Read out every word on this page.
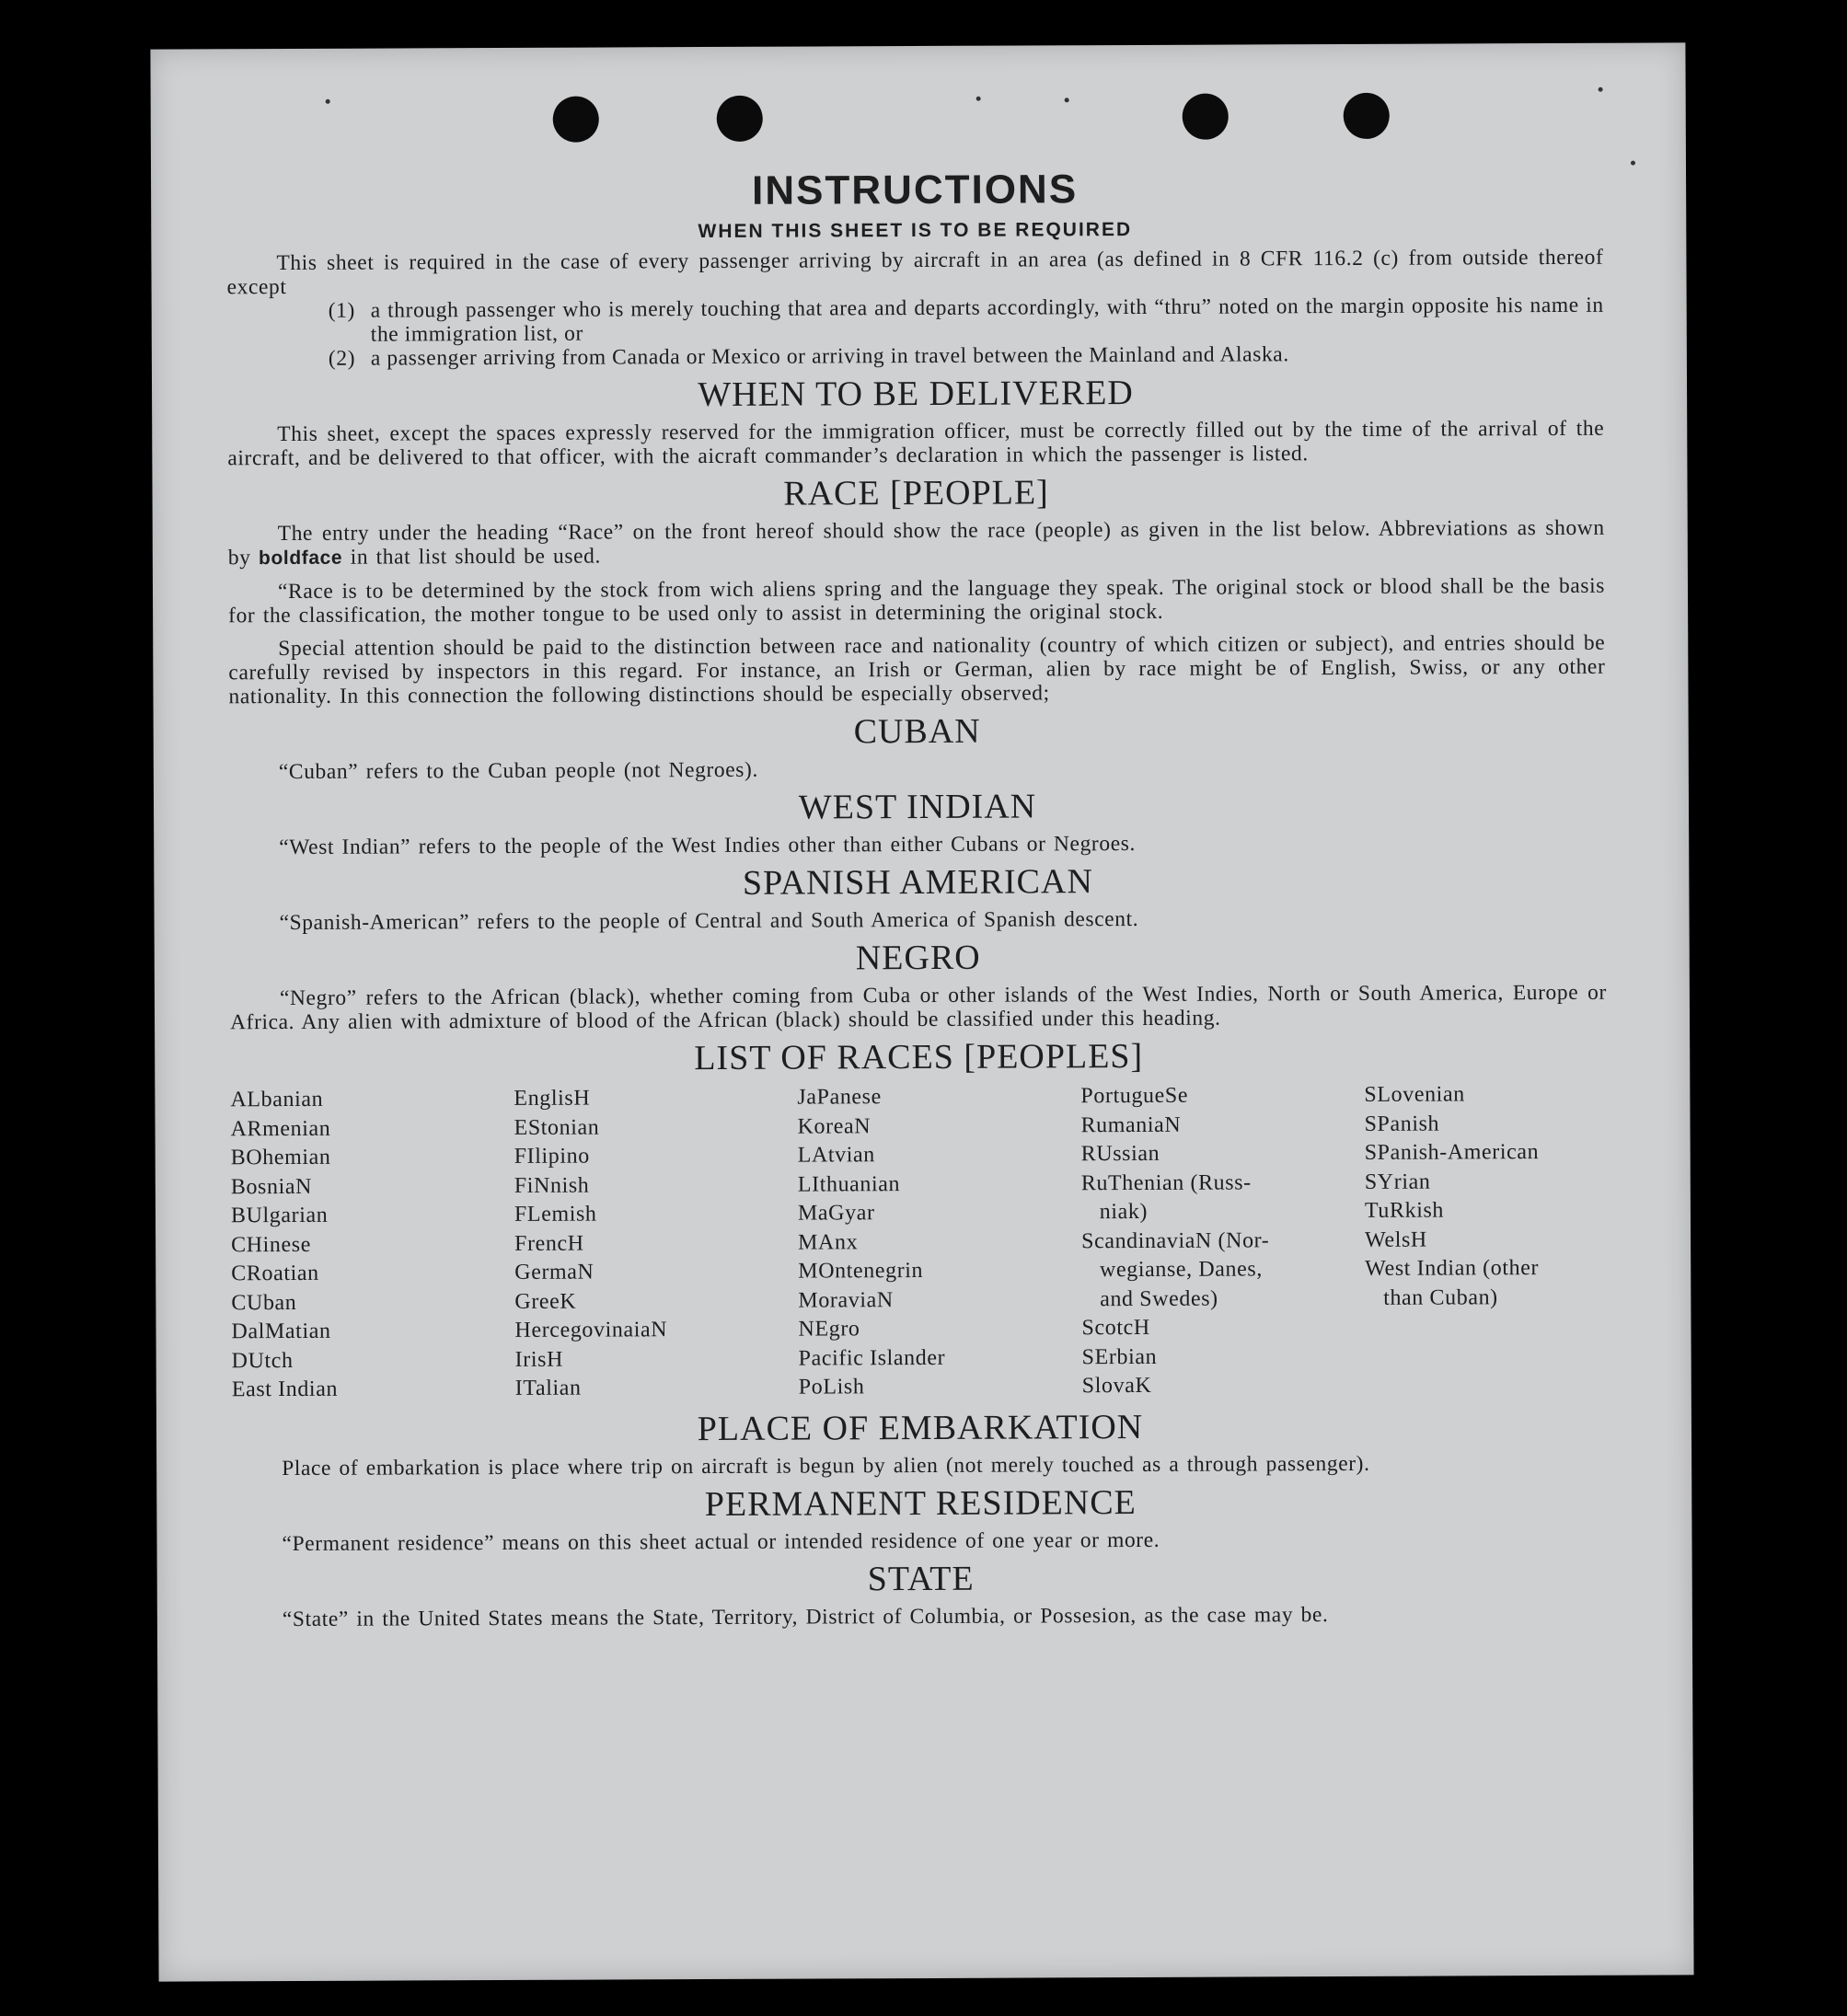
INSTRUCTIONS
WHEN THIS SHEET IS TO BE REQUIRED

This sheet is required in the case of every passenger arriving by aircraft in an area (as defined in 8 CFR 116.2 (c) from outside thereof except

(1) a through passenger who is merely touching that area and departs accordingly, with “thru” noted on the margin opposite his name in the immigration list, or
(2) a passenger arriving from Canada or Mexico or arriving in travel between the Mainland and Alaska.
WHEN TO BE DELIVERED

This sheet, except the spaces expressly reserved for the immigration officer, must be correctly filled out by the time of the arrival of the aircraft, and be delivered to that officer, with the aicraft commander’s declaration in which the passenger is listed.

RACE [PEOPLE]

The entry under the heading “Race” on the front hereof should show the race (people) as given in the list below. Abbreviations as shown by boldface in that list should be used.

“Race is to be determined by the stock from wich aliens spring and the language they speak. The original stock or blood shall be the basis for the classification, the mother tongue to be used only to assist in determining the original stock.

Special attention should be paid to the distinction between race and nationality (country of which citizen or subject), and entries should be carefully revised by inspectors in this regard. For instance, an Irish or German, alien by race might be of English, Swiss, or any other nationality. In this connection the following distinctions should be especially observed;

CUBAN

“Cuban” refers to the Cuban people (not Negroes).

WEST INDIAN

“West Indian” refers to the people of the West Indies other than either Cubans or Negroes.

SPANISH AMERICAN

“Spanish-American” refers to the people of Central and South America of Spanish descent.

NEGRO

“Negro” refers to the African (black), whether coming from Cuba or other islands of the West Indies, North or South America, Europe or Africa. Any alien with admixture of blood of the African (black) should be classified under this heading.

LIST OF RACES [PEOPLES]
ALbanian
ARmenian
BOhemian
BosniaN
BUlgarian
CHinese
CRoatian
CUban
DalMatian
DUtch
East Indian
EnglisH
EStonian
FIlipino
FiNnish
FLemish
FrencH
GermaN
GreeK
HercegovinaiaN
IrisH
ITalian
JaPanese
KoreaN
LAtvian
LIthuanian
MaGyar
MAnx
MOntenegrin
MoraviaN
NEgro
Pacific Islander
PoLish
PortugueSe
RumaniaN
RUssian
RuThenian (Russ-
niak)
ScandinaviaN (Nor-
wegianse, Danes,
and Swedes)
ScotcH
SErbian
SlovaK
SLovenian
SPanish
SPanish-American
SYrian
TuRkish
WelsH
West Indian (other
than Cuban)
PLACE OF EMBARKATION

Place of embarkation is place where trip on aircraft is begun by alien (not merely touched as a through passenger).

PERMANENT RESIDENCE

“Permanent residence” means on this sheet actual or intended residence of one year or more.

STATE

“State” in the United States means the State, Territory, District of Columbia, or Possesion, as the case may be.
